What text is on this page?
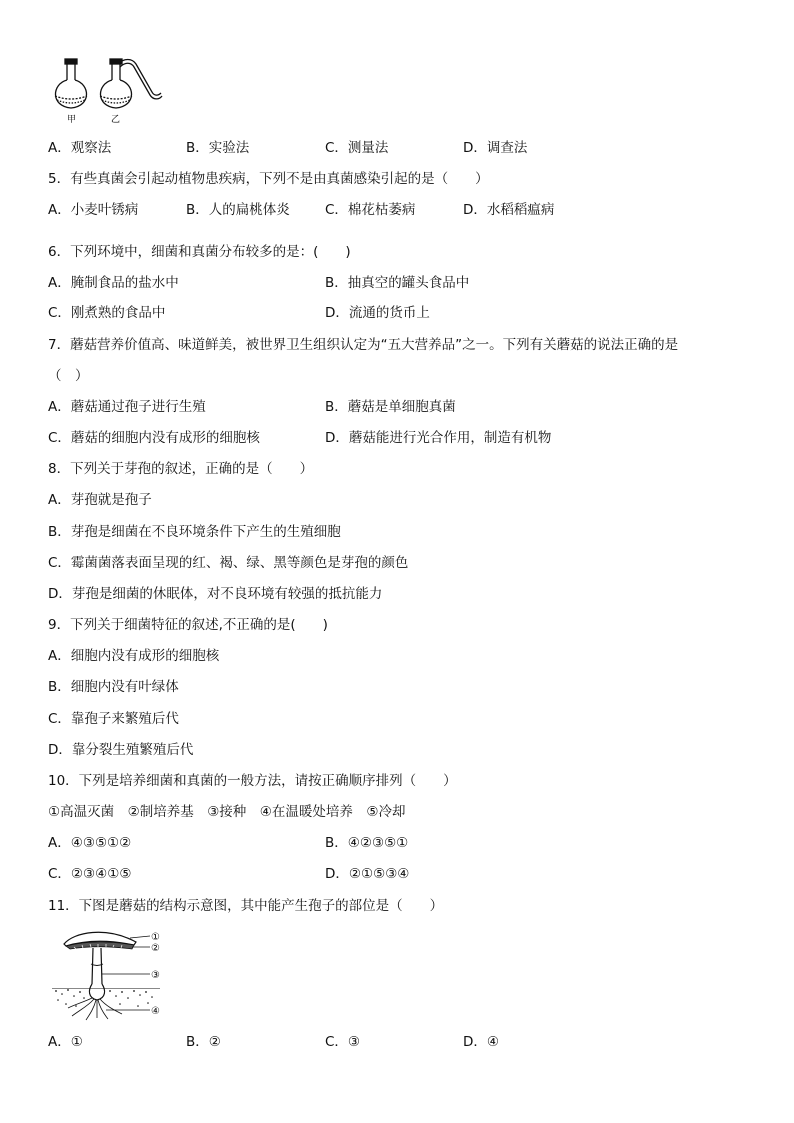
甲	乙
A．观察法	B．实验法	C．测量法	D．调查法
5．有些真菌会引起动植物患疾病，下列不是由真菌感染引起的是（　　）
A．小麦叶锈病	B．人的扁桃体炎	C．棉花枯萎病	D．水稻稻瘟病
6．下列环境中，细菌和真菌分布较多的是：(　　)
A．腌制食品的盐水中	B．抽真空的罐头食品中
C．刚煮熟的食品中	D．流通的货币上
7．蘑菇营养价值高、味道鲜美，被世界卫生组织认定为“五大营养品”之一。下列有关蘑菇的说法正确的是
（　）
A．蘑菇通过孢子进行生殖	B．蘑菇是单细胞真菌
C．蘑菇的细胞内没有成形的细胞核	D．蘑菇能进行光合作用，制造有机物
8．下列关于芽孢的叙述，正确的是（　　）
A．芽孢就是孢子
B．芽孢是细菌在不良环境条件下产生的生殖细胞
C．霉菌菌落表面呈现的红、褐、绿、黑等颜色是芽孢的颜色
D．芽孢是细菌的休眠体，对不良环境有较强的抵抗能力
9．下列关于细菌特征的叙述,不正确的是(　　)
A．细胞内没有成形的细胞核
B．细胞内没有叶绿体
C．靠孢子来繁殖后代
D．靠分裂生殖繁殖后代
10．下列是培养细菌和真菌的一般方法，请按正确顺序排列（　　）
①高温灭菌　②制培养基　③接种　④在温暖处培养　⑤冷却
A．④③⑤①②	B．④②③⑤①
C．②③④①⑤	D．②①⑤③④
11．下图是蘑菇的结构示意图，其中能产生孢子的部位是（　　）
①
②
③
④
A．①	B．②	C．③	D．④
